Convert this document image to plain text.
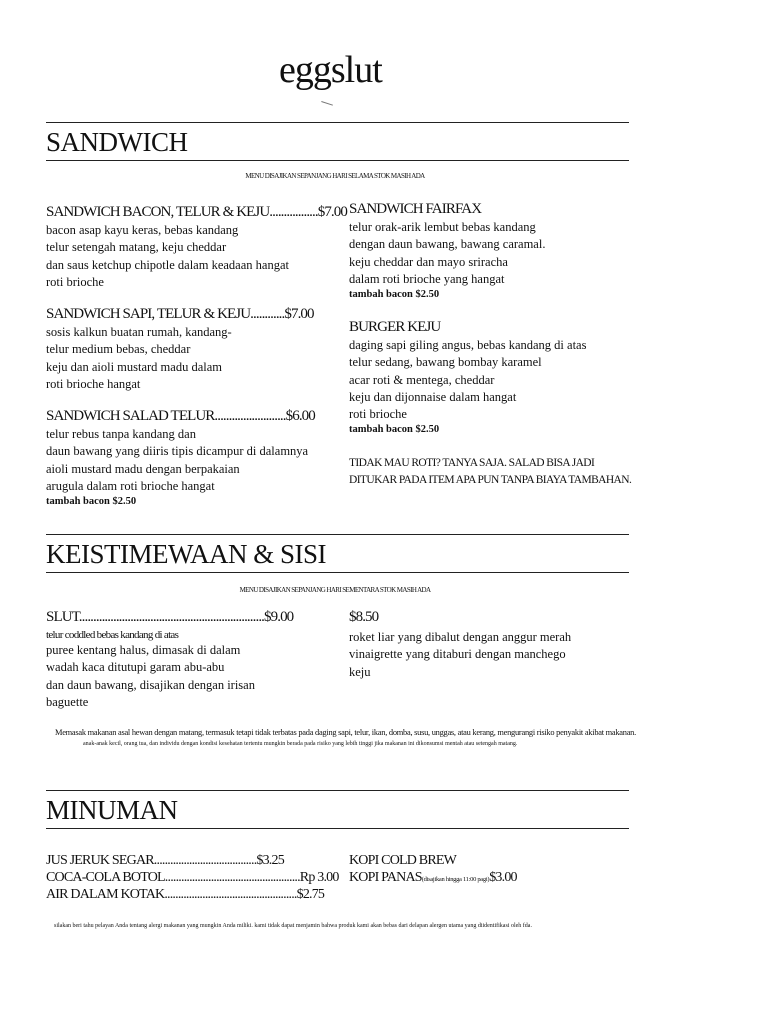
eggslut
SANDWICH
MENU DISAJIKAN SEPANJANG HARI SELAMA STOK MASIH ADA
SANDWICH BACON, TELUR & KEJU.................$7.00
bacon asap kayu keras, bebas kandang
telur setengah matang, keju cheddar
dan saus ketchup chipotle dalam keadaan hangat
roti brioche
SANDWICH SAPI, TELUR & KEJU............$7.00
sosis kalkun buatan rumah, kandang-
telur medium bebas, cheddar
keju dan aioli mustard madu dalam
roti brioche hangat
SANDWICH SALAD TELUR.........................$6.00
telur rebus tanpa kandang dan
daun bawang yang diiris tipis dicampur di dalamnya
aioli mustard madu dengan berpakaian
arugula dalam roti brioche hangat
tambah bacon $2.50
SANDWICH FAIRFAX
telur orak-arik lembut bebas kandang
dengan daun bawang, bawang caramal.
keju cheddar dan mayo sriracha
dalam roti brioche yang hangat
tambah bacon $2.50
BURGER KEJU
daging sapi giling angus, bebas kandang di atas
telur sedang, bawang bombay karamel
acar roti & mentega, cheddar
keju dan dijonnaise dalam hangat
roti brioche
tambah bacon $2.50
TIDAK MAU ROTI? TANYA SAJA. SALAD BISA JADI
DITUKAR PADA ITEM APA PUN TANPA BIAYA TAMBAHAN.
KEISTIMEWAAN & SISI
MENU DISAJIKAN SEPANJANG HARI SEMENTARA STOK MASIH ADA
SLUT.................................................................$9.00
telur coddled bebas kandang di atas
puree kentang halus, dimasak di dalam
wadah kaca ditutupi garam abu-abu
dan daun bawang, disajikan dengan irisan
baguette
$8.50
roket liar yang dibalut dengan anggur merah
vinaigrette yang ditaburi dengan manchego
keju
Memasak makanan asal hewan dengan matang, termasuk tetapi tidak terbatas pada daging sapi, telur, ikan, domba, susu, unggas, atau kerang, mengurangi risiko penyakit akibat makanan.
anak-anak kecil, orang tua, dan individu dengan kondisi kesehatan tertentu mungkin berada pada risiko yang lebih tinggi jika makanan ini dikonsumsi mentah atau setengah matang.
MINUMAN
JUS JERUK SEGAR......................................$3.25
COCA-COLA BOTOL..................................................Rp 3.00
AIR DALAM KOTAK.................................................$2.75
KOPI COLD BREW
KOPI PANAS(disajikan hingga 11:00 pagi)$3.00
silakan beri tahu pelayan Anda tentang alergi makanan yang mungkin Anda miliki. kami tidak dapat menjamin bahwa produk kami akan bebas dari delapan alergen utama yang diidentifikasi oleh fda.
